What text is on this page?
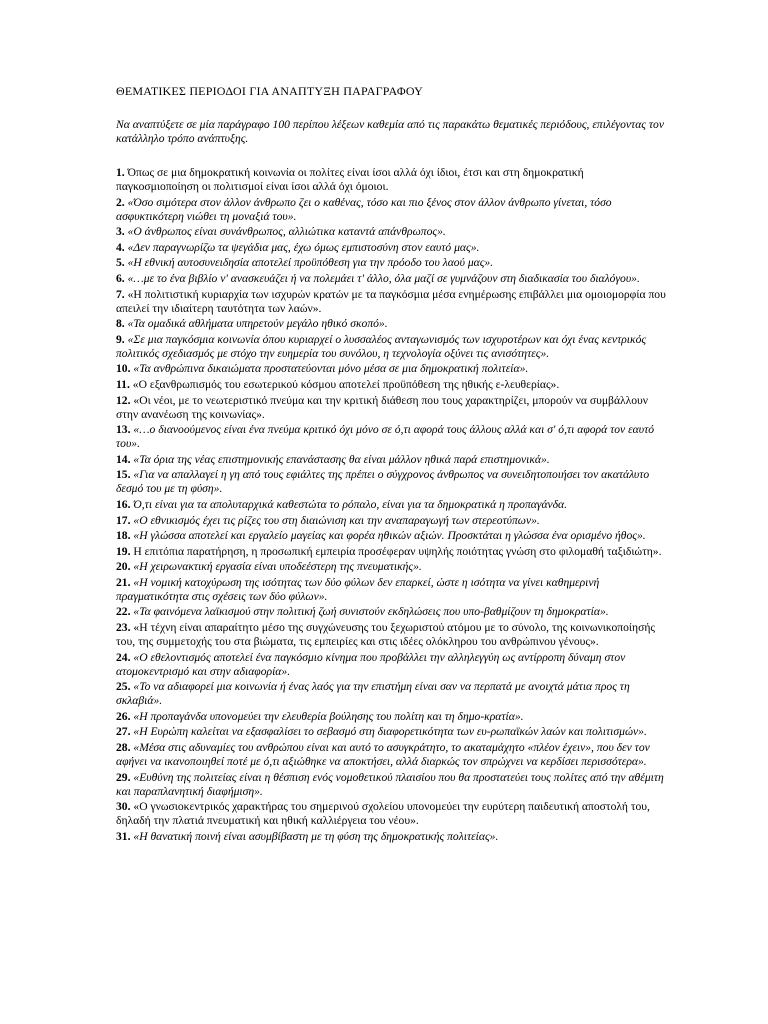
ΘΕΜΑΤΙΚΕΣ ΠΕΡΙΟΔΟΙ ΓΙΑ ΑΝΑΠΤΥΞΗ ΠΑΡΑΓΡΑΦΟΥ

Να αναπτύξετε σε μία παράγραφο 100 περίπου λέξεων καθεμία από τις παρακάτω θεματικές περιόδους, επιλέγοντας τον κατάλληλο τρόπο ανάπτυξης.

1. Όπως σε μια δημοκρατική κοινωνία οι πολίτες είναι ίσοι αλλά όχι ίδιοι, έτσι και στη δημοκρατική παγκοσμιοποίηση οι πολιτισμοί είναι ίσοι αλλά όχι όμοιοι.
2. «Όσο σιμότερα στον άλλον άνθρωπο ζει ο καθένας, τόσο και πιο ξένος στον άλλον άνθρωπο γίνεται, τόσο ασφυκτικότερη νιώθει τη μοναξιά του».
3. «Ο άνθρωπος είναι συνάνθρωπος, αλλιώτικα καταντά απάνθρωπος».
4. «Δεν παραγνωρίζω τα ψεγάδια μας, έχω όμως εμπιστοσύνη στον εαυτό μας».
5. «Η εθνική αυτοσυνειδησία αποτελεί προϋπόθεση για την πρόοδο του λαού μας».
6. «…με το ένα βιβλίο ν' ανασκευάζει ή να πολεμάει τ' άλλο, όλα μαζί σε γυμνάζουν στη διαδικασία του διαλόγου».
7. «Η πολιτιστική κυριαρχία των ισχυρών κρατών με τα παγκόσμια μέσα ενημέρωσης επιβάλλει μια ομοιομορφία που απειλεί την ιδιαίτερη ταυτότητα των λαών».
8. «Τα ομαδικά αθλήματα υπηρετούν μεγάλο ηθικό σκοπό».
9. «Σε μια παγκόσμια κοινωνία όπου κυριαρχεί ο λυσσαλέος ανταγωνισμός των ισχυροτέρων και όχι ένας κεντρικός πολιτικός σχεδιασμός με στόχο την ευημερία του συνόλου, η τεχνολογία οξύνει τις ανισότητες».
10. «Τα ανθρώπινα δικαιώματα προστατεύονται μόνο μέσα σε μια δημοκρατική πολιτεία».
11. «Ο εξανθρωπισμός του εσωτερικού κόσμου αποτελεί προϋπόθεση της ηθικής ε-λευθερίας».
12. «Οι νέοι, με το νεωτεριστικό πνεύμα και την κριτική διάθεση που τους χαρακτηρίζει, μπορούν να συμβάλλουν στην ανανέωση της κοινωνίας».
13. «…ο διανοούμενος είναι ένα πνεύμα κριτικό όχι μόνο σε ό,τι αφορά τους άλλους αλλά και σ' ό,τι αφορά τον εαυτό του».
14. «Τα όρια της νέας επιστημονικής επανάστασης θα είναι μάλλον ηθικά παρά επιστημονικά».
15. «Για να απαλλαγεί η γη από τους εφιάλτες της πρέπει ο σύγχρονος άνθρωπος να συνειδητοποιήσει τον ακατάλυτο δεσμό του με τη φύση».
16. Ό,τι είναι για τα απολυταρχικά καθεστώτα το ρόπαλο, είναι για τα δημοκρατικά η προπαγάνδα.
17. «Ο εθνικισμός έχει τις ρίζες του στη διαιώνιση και την αναπαραγωγή των στερεοτύπων».
18. «Η γλώσσα αποτελεί και εργαλείο μαγείας και φορέα ηθικών αξιών. Προσκτάται η γλώσσα ένα ορισμένο ήθος».
19. Η επιτόπια παρατήρηση, η προσωπική εμπειρία προσέφεραν υψηλής ποιότητας γνώση στο φιλομαθή ταξιδιώτη».
20. «Η χειρωνακτική εργασία είναι υποδεέστερη της πνευματικής».
21. «Η νομική κατοχύρωση της ισότητας των δύο φύλων δεν επαρκεί, ώστε η ισότητα να γίνει καθημερινή πραγματικότητα στις σχέσεις των δύο φύλων».
22. «Τα φαινόμενα λαϊκισμού στην πολιτική ζωή συνιστούν εκδηλώσεις που υπο-βαθμίζουν τη δημοκρατία».
23. «Η τέχνη είναι απαραίτητο μέσο της συγχώνευσης του ξεχωριστού ατόμου με το σύνολο, της κοινωνικοποίησής του, της συμμετοχής του στα βιώματα, τις εμπειρίες και στις ιδέες ολόκληρου του ανθρώπινου γένους».
24. «Ο εθελοντισμός αποτελεί ένα παγκόσμιο κίνημα που προβάλλει την αλληλεγγύη ως αντίρροπη δύναμη στον ατομοκεντρισμό και στην αδιαφορία».
25. «Το να αδιαφορεί μια κοινωνία ή ένας λαός για την επιστήμη είναι σαν να περπατά με ανοιχτά μάτια προς τη σκλαβιά».
26. «Η προπαγάνδα υπονομεύει την ελευθερία βούλησης του πολίτη και τη δημο-κρατία».
27. «Η Ευρώπη καλείται να εξασφαλίσει το σεβασμό στη διαφορετικότητα των ευ-ρωπαϊκών λαών και πολιτισμών».
28. «Μέσα στις αδυναμίες του ανθρώπου είναι και αυτό το ασυγκράτητο, το ακαταμάχητο «πλέον έχειν», που δεν τον αφήνει να ικανοποιηθεί ποτέ με ό,τι αξιώθηκε να αποκτήσει, αλλά διαρκώς τον σπρώχνει να κερδίσει περισσότερα».
29. «Ευθύνη της πολιτείας είναι η θέσπιση ενός νομοθετικού πλαισίου που θα προστατεύει τους πολίτες από την αθέμιτη και παραπλανητική διαφήμιση».
30. «Ο γνωσιοκεντρικός χαρακτήρας του σημερινού σχολείου υπονομεύει την ευρύτερη παιδευτική αποστολή του, δηλαδή την πλατιά πνευματική και ηθική καλλιέργεια του νέου».
31. «Η θανατική ποινή είναι ασυμβίβαστη με τη φύση της δημοκρατικής πολιτείας».
